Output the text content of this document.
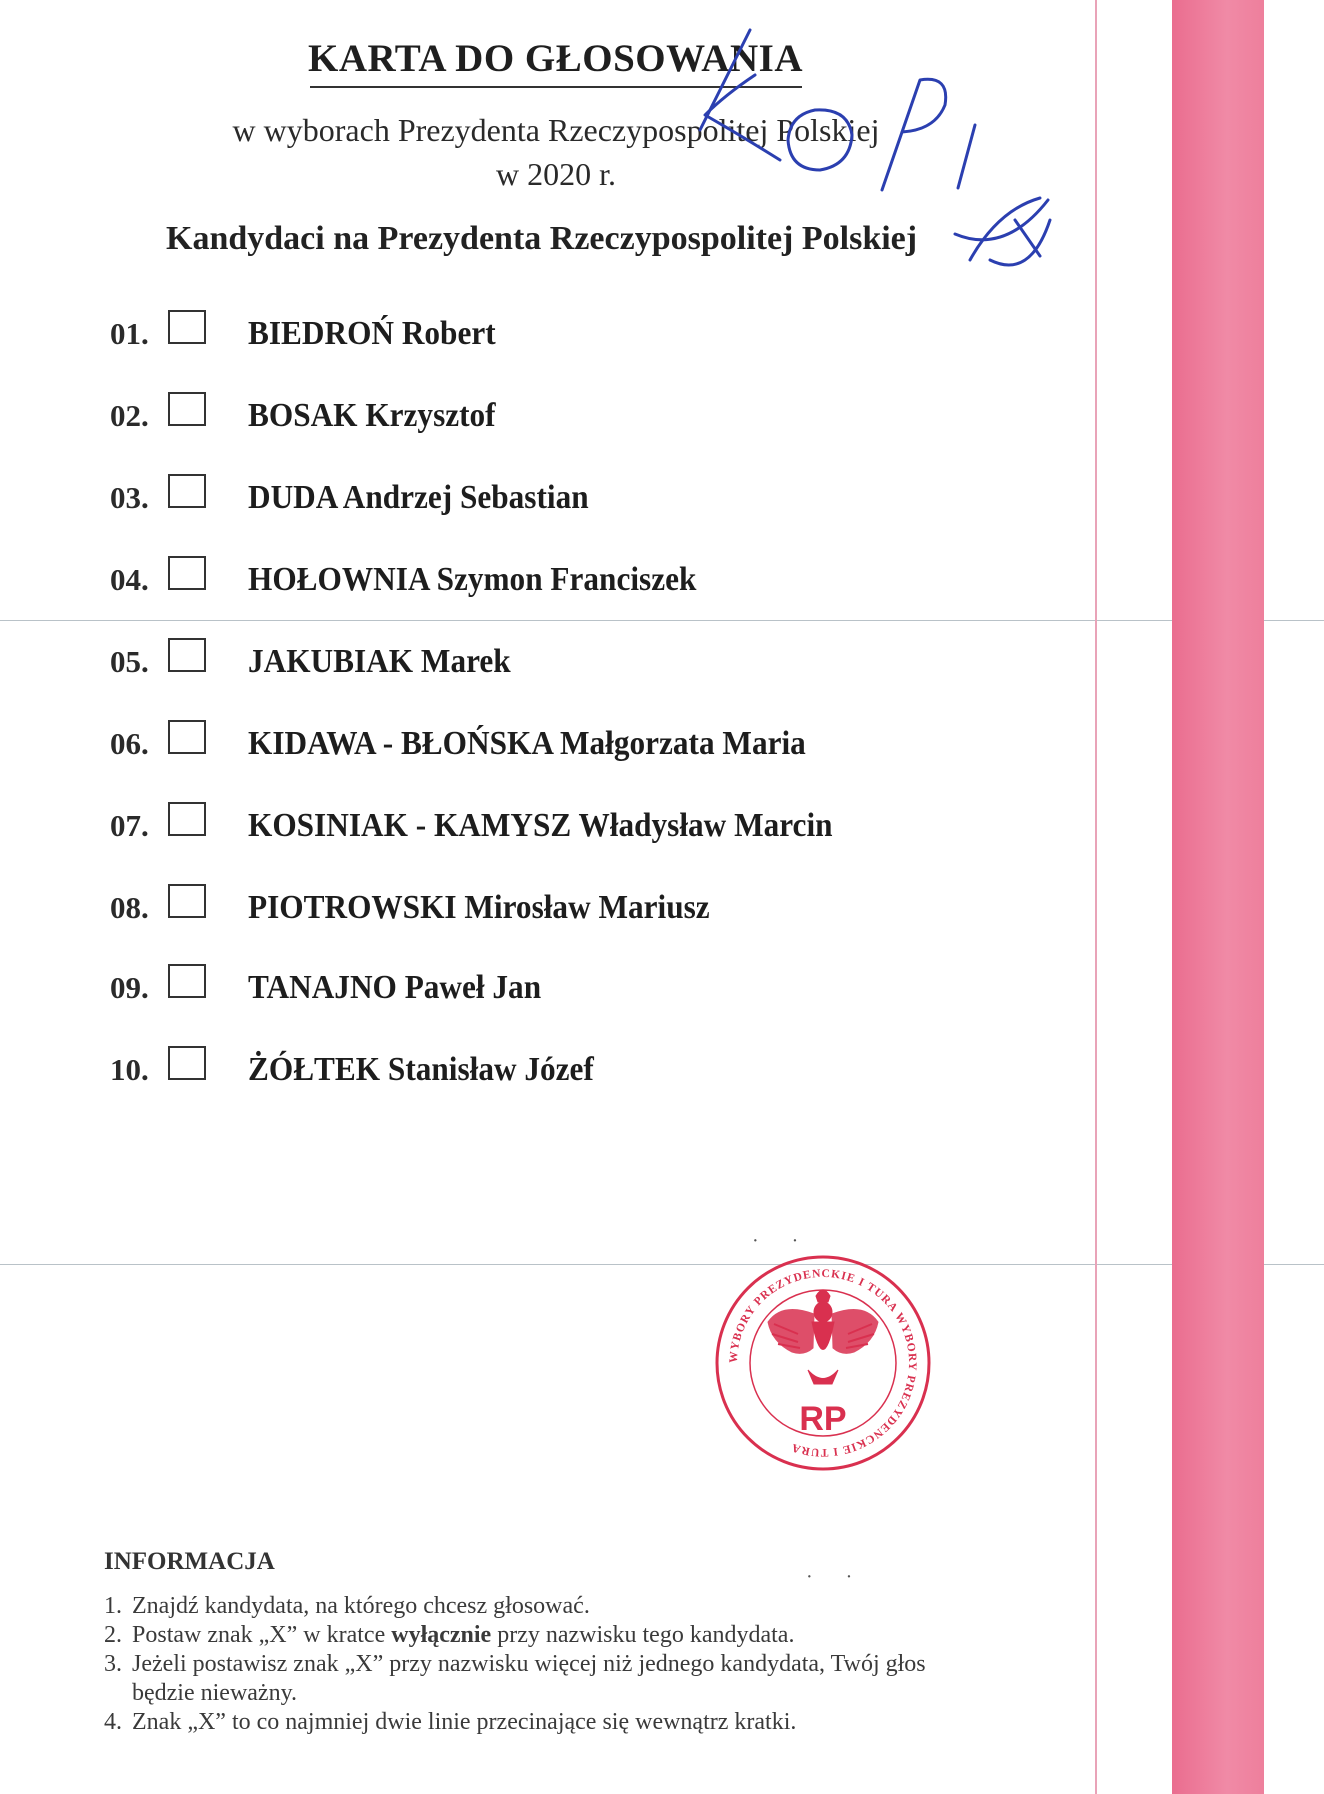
KARTA DO GŁOSOWANIA
w wyborach Prezydenta Rzeczypospolitej Polskiej
w 2020 r.
Kandydaci na Prezydenta Rzeczypospolitej Polskiej
01.	BIEDROŃ Robert
02.	BOSAK Krzysztof
03.	DUDA Andrzej Sebastian
04.	HOŁOWNIA Szymon Franciszek
05.	JAKUBIAK Marek
06.	KIDAWA - BŁOŃSKA Małgorzata Maria
07.	KOSINIAK - KAMYSZ Władysław Marcin
08.	PIOTROWSKI Mirosław Mariusz
09.	TANAJNO Paweł Jan
10.	ŻÓŁTEK Stanisław Józef
WYBORY PREZYDENCKIE I TURA WYBORY PREZYDENCKIE I TURA
RP
· ·
· ·
INFORMACJA
1. Znajdź kandydata, na którego chcesz głosować.
2. Postaw znak „X” w kratce wyłącznie przy nazwisku tego kandydata.
3. Jeżeli postawisz znak „X” przy nazwisku więcej niż jednego kandydata, Twój głos będzie nieważny.
4. Znak „X” to co najmniej dwie linie przecinające się wewnątrz kratki.
